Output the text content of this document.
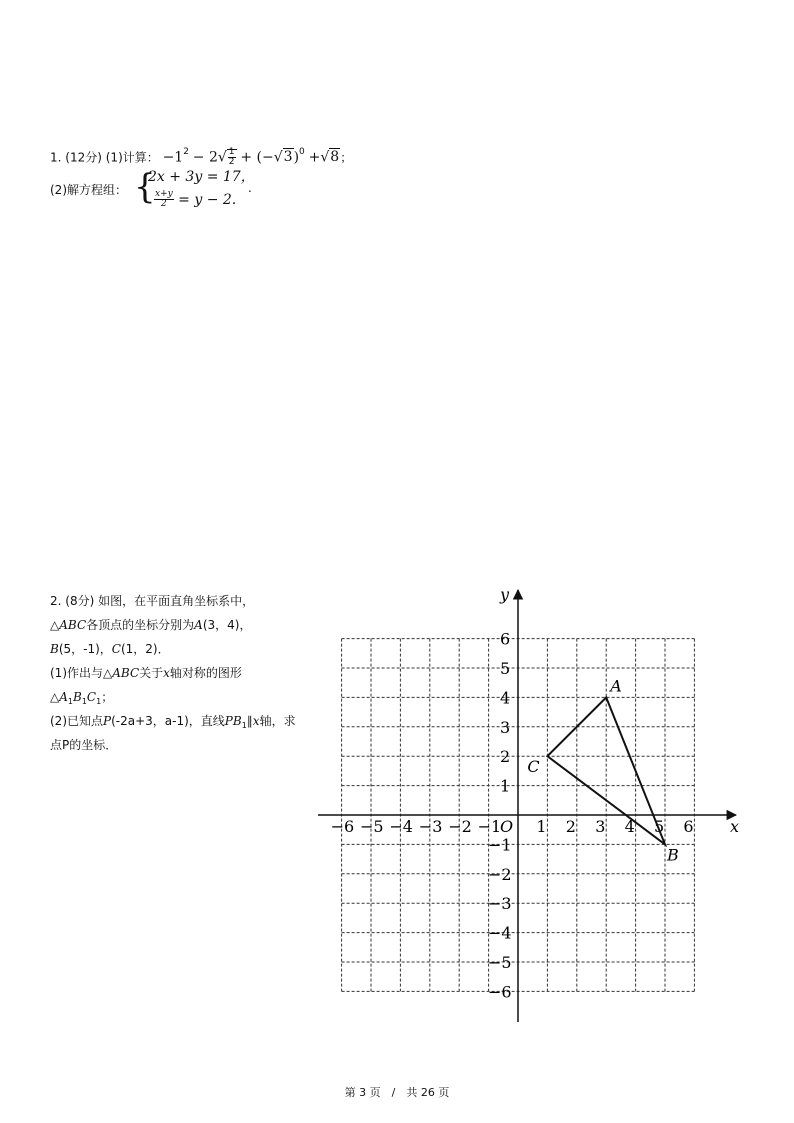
1. (12分) (1)计算： $-1^2 - 2√ \frac{1}{2} + (-√3)^0 +√8$；
(2)解方程组： {
2x + 3y = 17，
$\frac{x+y}{2} = y - 2$.
.
2. (8分) 如图，在平面直角坐标系中，
△ABC各顶点的坐标分别为A(3，4)，
B(5，-1)，C(1，2)．
(1)作出与△ABC关于x轴对称的图形
$\triangle A_1B_1C_1$；
(2)已知点P(-2a+3，a-1)，直线$PB_1\parallel x$轴，求
点P的坐标．
x
y
O
−6 −5 −4 −3 −2 −1 1 2 3 4 5 6
6
5
4
3
2
1
−1
−2
−3
−4
−5
−6
A
B
C
第 3 页　/　共 26 页
